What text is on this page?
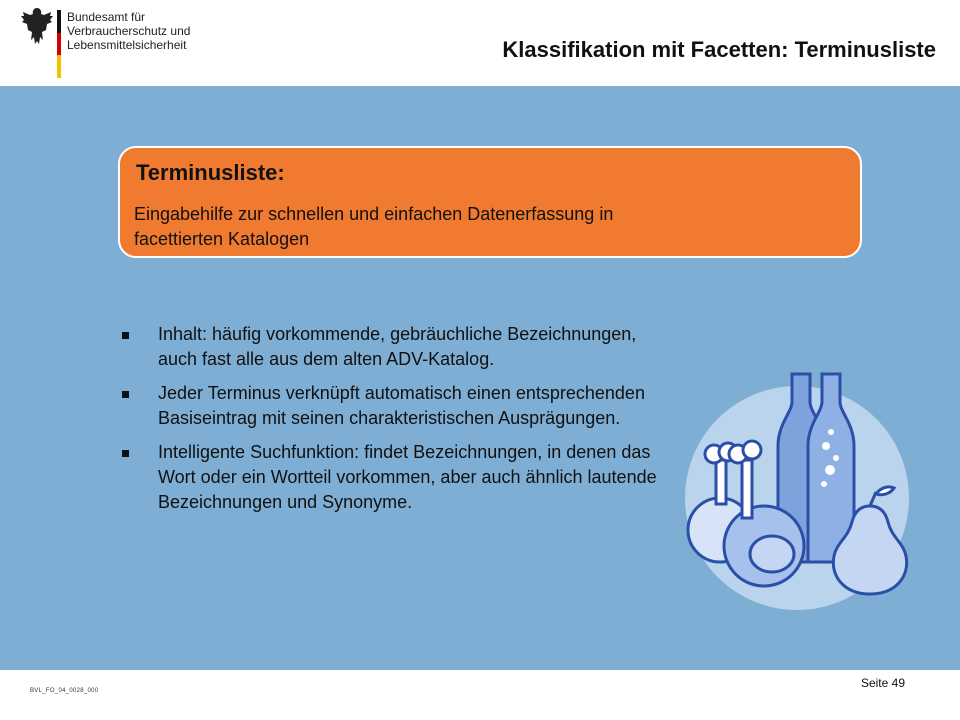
Bundesamt für
Verbraucherschutz und
Lebensmittelsicherheit	Klassifikation mit Facetten: Terminusliste
Terminusliste:
Eingabehilfe zur schnellen und einfachen Datenerfassung in
facettierten Katalogen
Inhalt: häufig vorkommende, gebräuchliche Bezeichnungen,
auch fast alle aus dem alten ADV-Katalog.
Jeder Terminus verknüpft automatisch einen entsprechenden Basiseintrag mit seinen charakteristischen Ausprägungen.
Intelligente Suchfunktion: findet Bezeichnungen, in denen das Wort oder ein Wortteil vorkommen, aber auch ähnlich lautende Bezeichnungen und Synonyme.
BVL_FO_04_0028_000
Seite 49
